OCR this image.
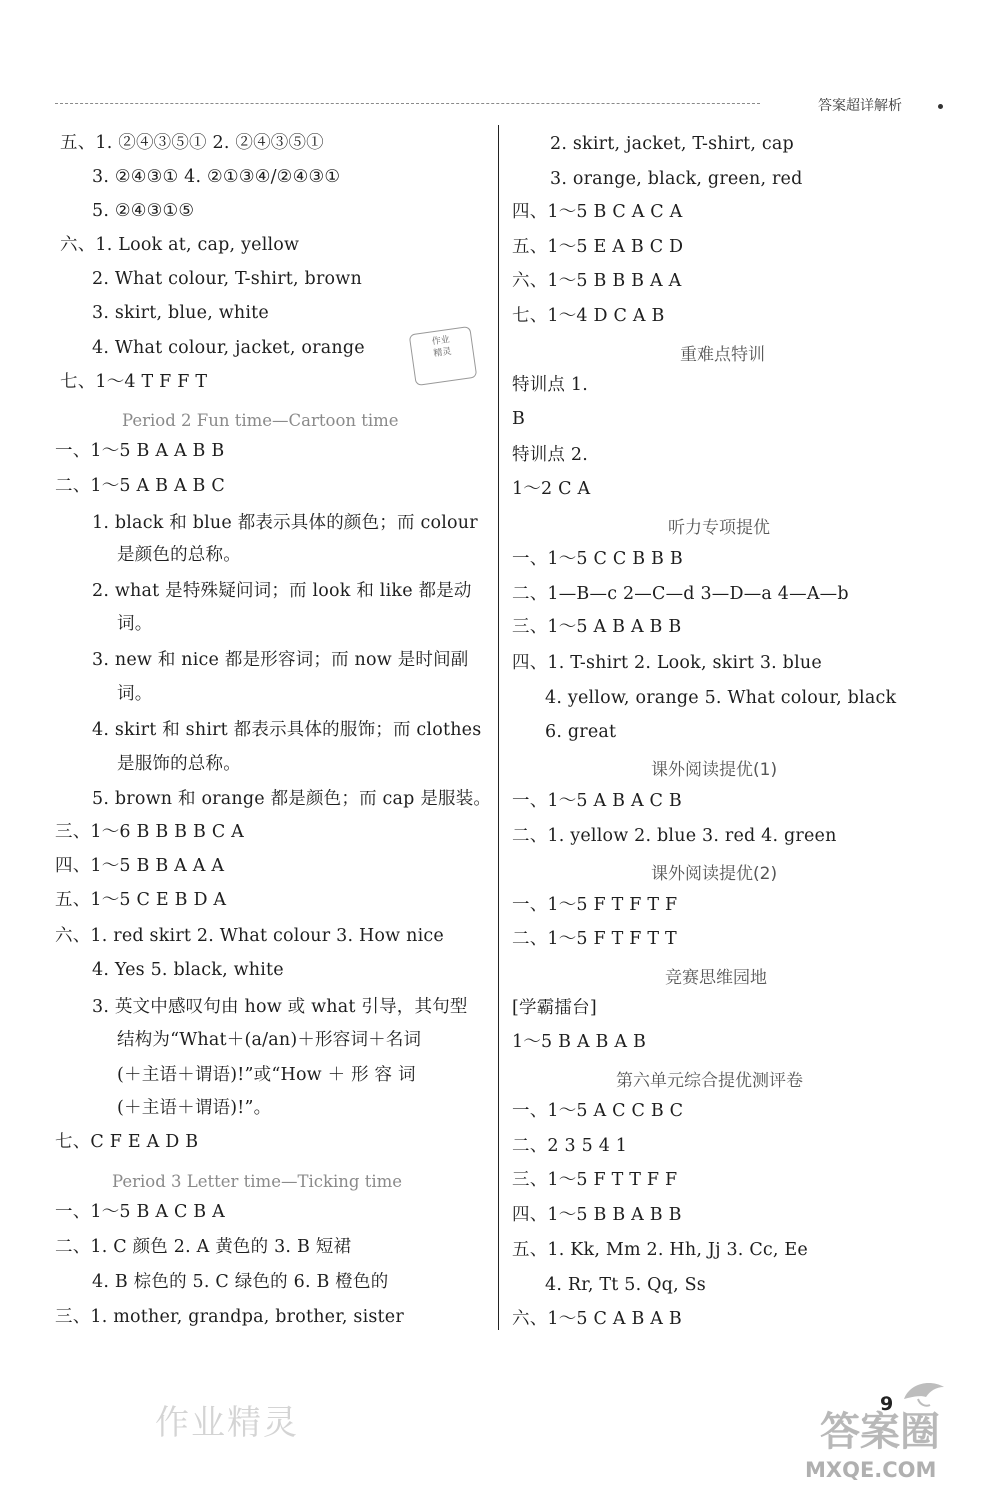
答案超详解析
五、1. ②④③⑤① 2. ②④③⑤①
3. ②④③① 4. ②①③④/②④③①
5. ②④③①⑤
六、1. Look at, cap, yellow
2. What colour, T-shirt, brown
3. skirt, blue, white
4. What colour, jacket, orange
七、1～4 T F F T
一、1～5 B A A B B
二、1～5 A B A B C
1. black 和 blue 都表示具体的颜色；而 colour
是颜色的总称。
2. what 是特殊疑问词；而 look 和 like 都是动
词。
3. new 和 nice 都是形容词；而 now 是时间副
词。
4. skirt 和 shirt 都表示具体的服饰；而 clothes
是服饰的总称。
5. brown 和 orange 都是颜色；而 cap 是服装。
三、1～6 B B B B C A
四、1～5 B B A A A
五、1～5 C E B D A
六、1. red skirt 2. What colour 3. How nice
4. Yes 5. black, white
3. 英文中感叹句由 how 或 what 引导，其句型
结构为“What＋(a/an)＋形容词＋名词
(＋主语＋谓语)!”或“How ＋ 形 容 词
(＋主语＋谓语)!”。
七、C F E A D B
一、1～5 B A C B A
二、1. C 颜色 2. A 黄色的 3. B 短裙
4. B 棕色的 5. C 绿色的 6. B 橙色的
三、1. mother, grandpa, brother, sister
Period 2 Fun time—Cartoon time
Period 3 Letter time—Ticking time
2. skirt, jacket, T-shirt, cap
3. orange, black, green, red
四、1～5 B C A C A
五、1～5 E A B C D
六、1～5 B B B A A
七、1～4 D C A B
特训点 1.
B
特训点 2.
1～2 C A
一、1～5 C C B B B
二、1—B—c 2—C—d 3—D—a 4—A—b
三、1～5 A B A B B
四、1. T-shirt 2. Look, skirt 3. blue
4. yellow, orange 5. What colour, black
6. great
一、1～5 A B A C B
二、1. yellow 2. blue 3. red 4. green
一、1～5 F T F T F
二、1～5 F T F T T
[学霸擂台]
1～5 B A B A B
一、1～5 A C C B C
二、2 3 5 4 1
三、1～5 F T T F F
四、1～5 B B A B B
五、1. Kk, Mm 2. Hh, Jj 3. Cc, Ee
4. Rr, Tt 5. Qq, Ss
六、1～5 C A B A B
重难点特训
听力专项提优
课外阅读提优(1)
课外阅读提优(2)
竞赛思维园地
第六单元综合提优测评卷
作业
精灵
作业精灵	9
答案圈
MXQE.COM
